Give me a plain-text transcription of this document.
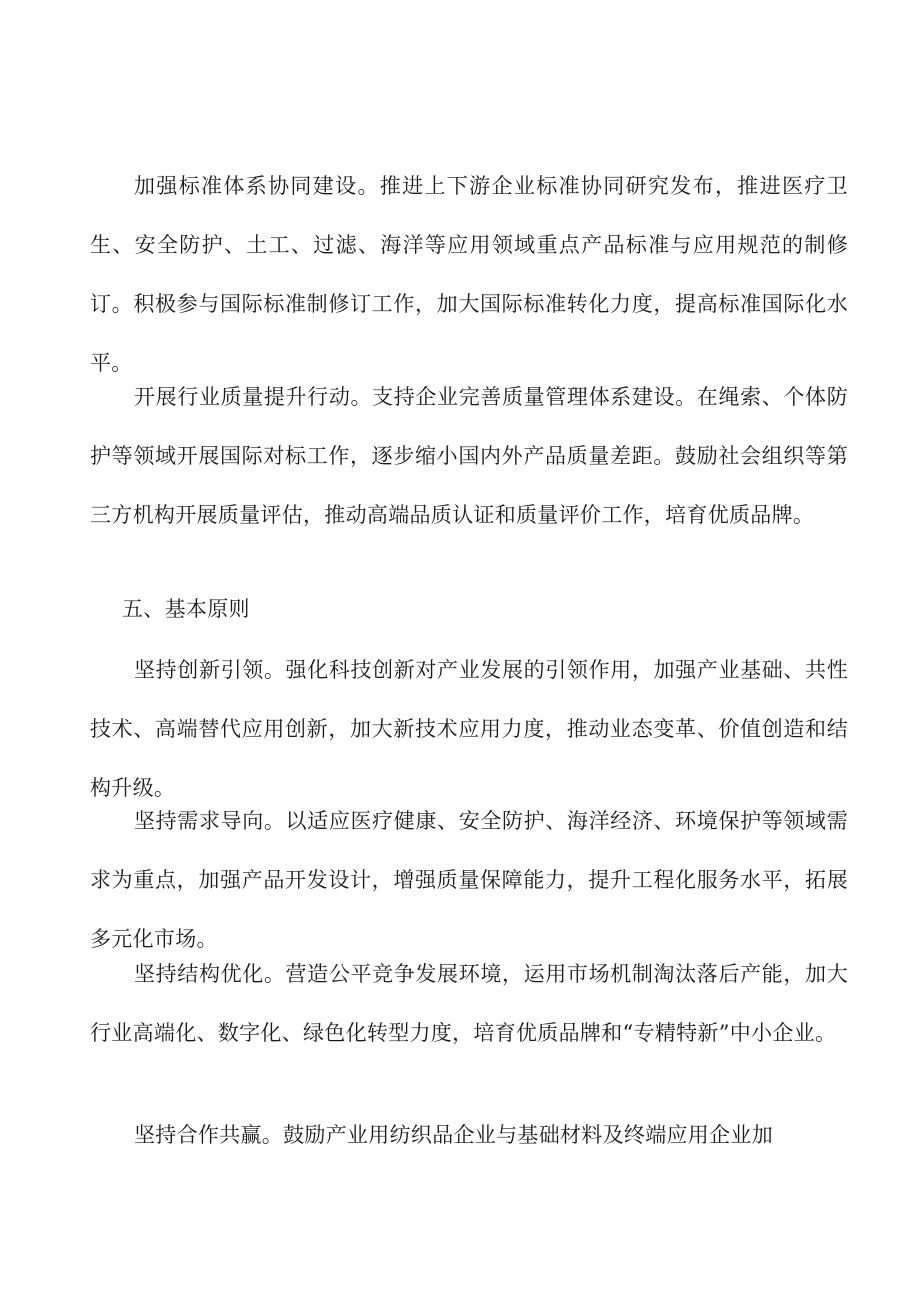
加强标准体系协同建设。推进上下游企业标准协同研究发布，推进医疗卫生、安全防护、土工、过滤、海洋等应用领域重点产品标准与应用规范的制修订。积极参与国际标准制修订工作，加大国际标准转化力度，提高标准国际化水平。

开展行业质量提升行动。支持企业完善质量管理体系建设。在绳索、个体防护等领域开展国际对标工作，逐步缩小国内外产品质量差距。鼓励社会组织等第三方机构开展质量评估，推动高端品质认证和质量评价工作，培育优质品牌。

五、基本原则

坚持创新引领。强化科技创新对产业发展的引领作用，加强产业基础、共性技术、高端替代应用创新，加大新技术应用力度，推动业态变革、价值创造和结构升级。

坚持需求导向。以适应医疗健康、安全防护、海洋经济、环境保护等领域需求为重点，加强产品开发设计，增强质量保障能力，提升工程化服务水平，拓展多元化市场。

坚持结构优化。营造公平竞争发展环境，运用市场机制淘汰落后产能，加大行业高端化、数字化、绿色化转型力度，培育优质品牌和“专精特新”中小企业。

坚持合作共赢。鼓励产业用纺织品企业与基础材料及终端应用企业加
